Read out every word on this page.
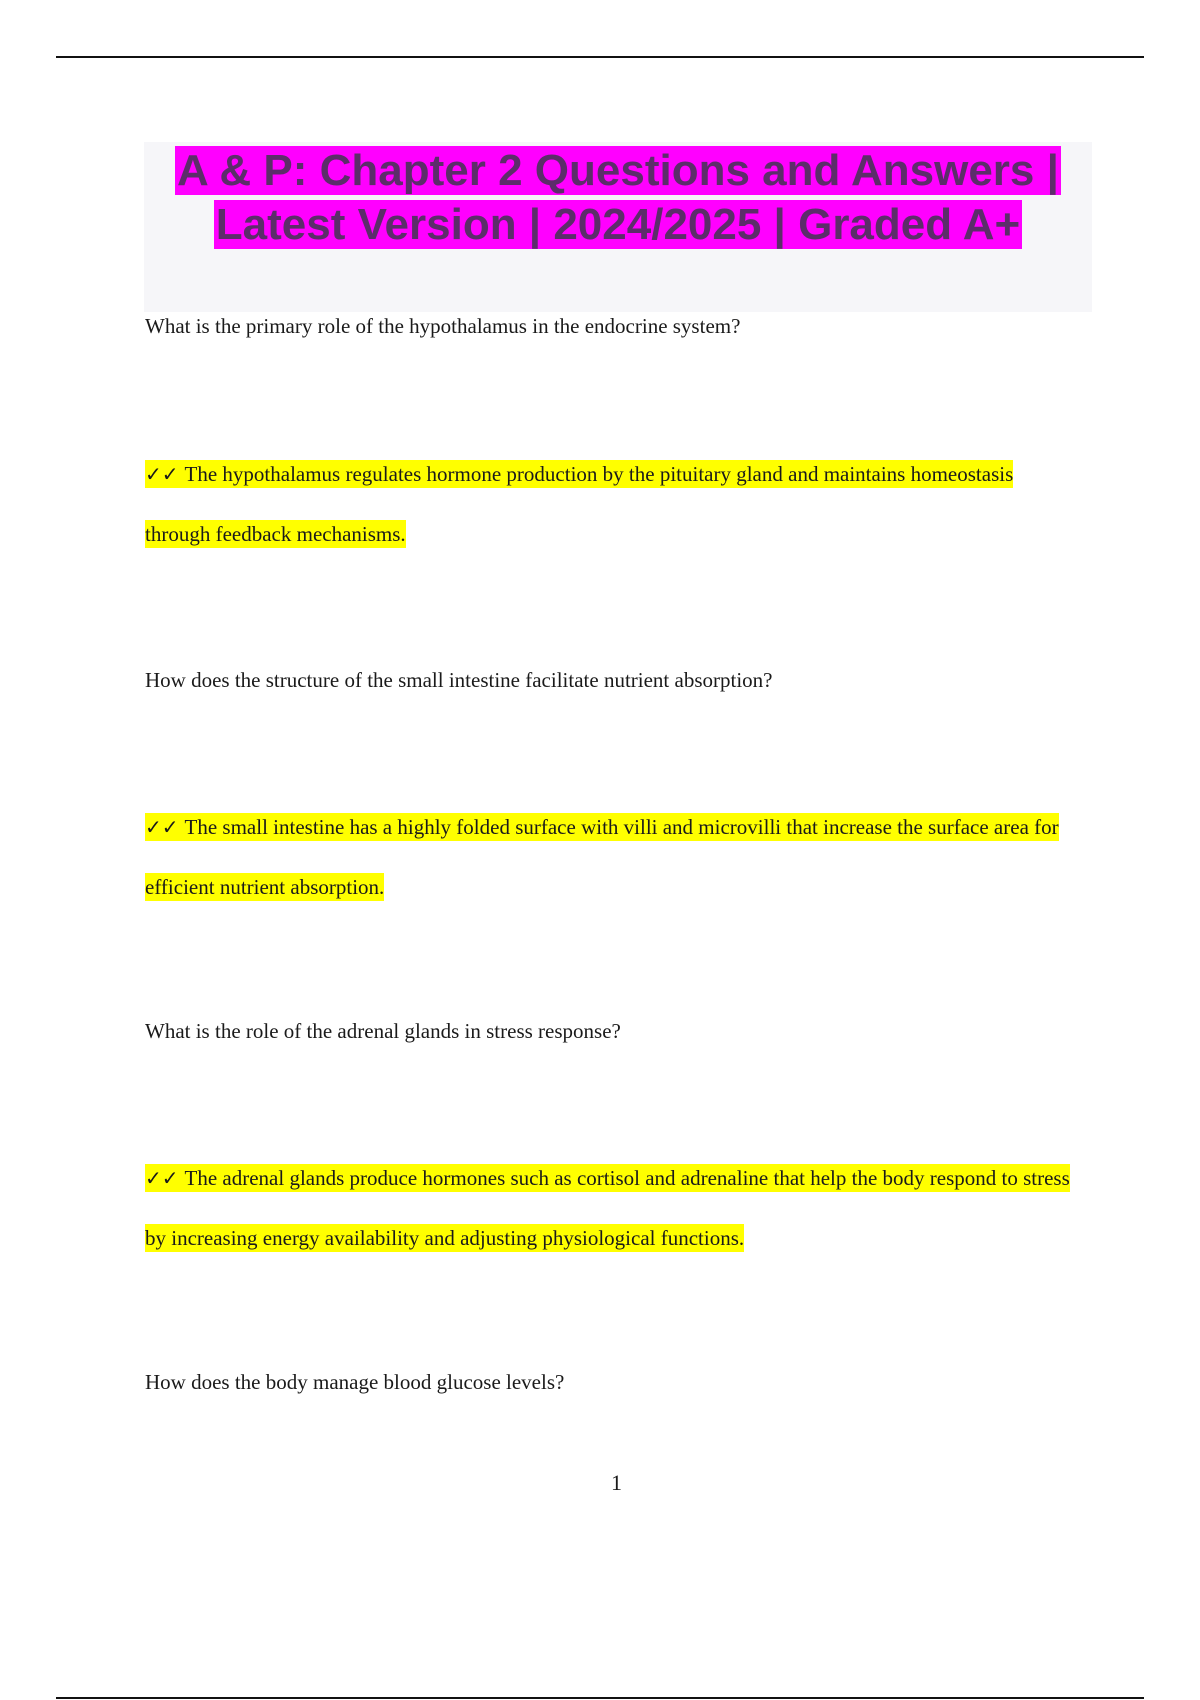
A & P: Chapter 2 Questions and Answers | Latest Version | 2024/2025 | Graded A+
What is the primary role of the hypothalamus in the endocrine system?
✓✓ The hypothalamus regulates hormone production by the pituitary gland and maintains homeostasis through feedback mechanisms.
How does the structure of the small intestine facilitate nutrient absorption?
✓✓ The small intestine has a highly folded surface with villi and microvilli that increase the surface area for efficient nutrient absorption.
What is the role of the adrenal glands in stress response?
✓✓ The adrenal glands produce hormones such as cortisol and adrenaline that help the body respond to stress by increasing energy availability and adjusting physiological functions.
How does the body manage blood glucose levels?
1
